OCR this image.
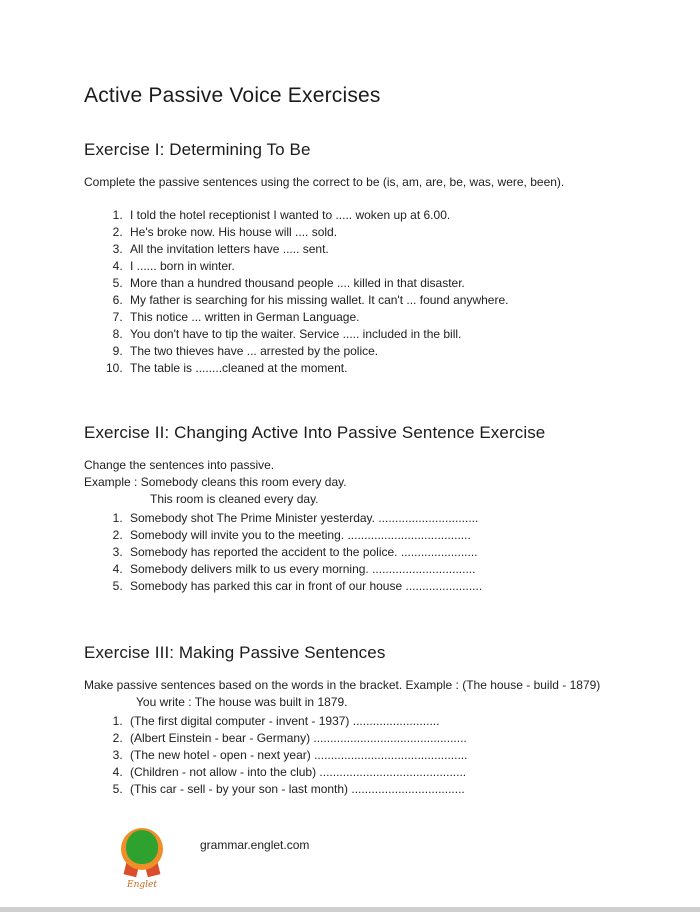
Active Passive Voice Exercises
Exercise I: Determining To Be

Complete the passive sentences using the correct to be (is, am, are, be, was, were, been).

1. I told the hotel receptionist I wanted to ..... woken up at 6.00.
2. He's broke now. His house will .... sold.
3. All the invitation letters have ..... sent.
4. I ...... born in winter.
5. More than a hundred thousand people .... killed in that disaster.
6. My father is searching for his missing wallet. It can't ... found anywhere.
7. This notice ... written in German Language.
8. You don't have to tip the waiter. Service ..... included in the bill.
9. The two thieves have ... arrested by the police.
10. The table is ........cleaned at the moment.
Exercise II: Changing Active Into Passive Sentence Exercise

Change the sentences into passive.

Example : Somebody cleans this room every day.

This room is cleaned every day.

1. Somebody shot The Prime Minister yesterday. ..............................
2. Somebody will invite you to the meeting. .....................................
3. Somebody has reported the accident to the police. .......................
4. Somebody delivers milk to us every morning. ...............................
5. Somebody has parked this car in front of our house .......................
Exercise III: Making Passive Sentences

Make passive sentences based on the words in the bracket. Example : (The house - build - 1879)

You write : The house was built in 1879.

1. (The first digital computer - invent - 1937) ..........................
2. (Albert Einstein - bear - Germany) ..............................................
3. (The new hotel - open - next year) ..............................................
4. (Children - not allow - into the club) ............................................
5. (This car - sell - by your son - last month) ..................................
Englet
grammar.englet.com
